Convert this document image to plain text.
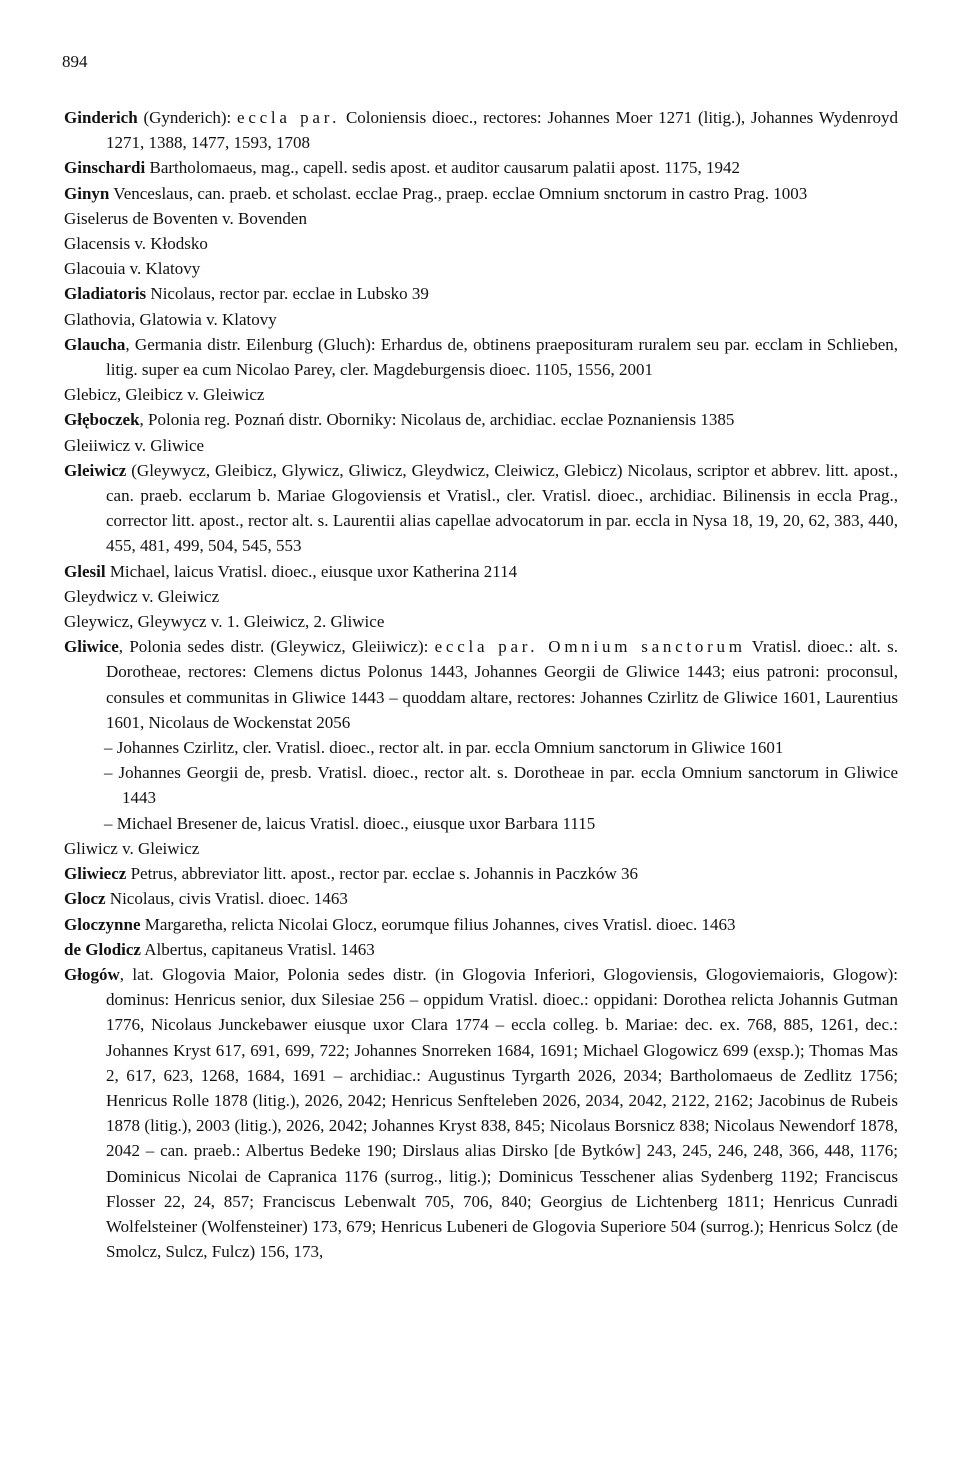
894

Ginderich (Gynderich): eccla par. Coloniensis dioec., rectores: Johannes Moer 1271 (litig.), Johannes Wydenroyd 1271, 1388, 1477, 1593, 1708

Ginschardi Bartholomaeus, mag., capell. sedis apost. et auditor causarum palatii apost. 1175, 1942

Ginyn Venceslaus, can. praeb. et scholast. ecclae Prag., praep. ecclae Omnium snctorum in castro Prag. 1003

Giselerus de Boventen v. Bovenden

Glacensis v. Kłodsko

Glacouia v. Klatovy

Gladiatoris Nicolaus, rector par. ecclae in Lubsko 39

Glathovia, Glatowia v. Klatovy

Glaucha, Germania distr. Eilenburg (Gluch): Erhardus de, obtinens praeposituram ruralem seu par. ecclam in Schlieben, litig. super ea cum Nicolao Parey, cler. Magdeburgensis dioec. 1105, 1556, 2001

Glebicz, Gleibicz v. Gleiwicz

Głęboczek, Polonia reg. Poznań distr. Oborniky: Nicolaus de, archidiac. ecclae Poznaniensis 1385

Gleiiwicz v. Gliwice

Gleiwicz (Gleywycz, Gleibicz, Glywicz, Gliwicz, Gleydwicz, Cleiwicz, Glebicz) Nicolaus, scriptor et abbrev. litt. apost., can. praeb. ecclarum b. Mariae Glogoviensis et Vratisl., cler. Vratisl. dioec., archidiac. Bilinensis in eccla Prag., corrector litt. apost., rector alt. s. Laurentii alias capellae advocatorum in par. eccla in Nysa 18, 19, 20, 62, 383, 440, 455, 481, 499, 504, 545, 553

Glesil Michael, laicus Vratisl. dioec., eiusque uxor Katherina 2114

Gleydwicz v. Gleiwicz

Gleywicz, Gleywycz v. 1. Gleiwicz, 2. Gliwice

Gliwice, Polonia sedes distr. (Gleywicz, Gleiiwicz): eccla par. Omnium sanctorum Vratisl. dioec.: alt. s. Dorotheae, rectores: Clemens dictus Polonus 1443, Johannes Georgii de Gliwice 1443; eius patroni: proconsul, consules et communitas in Gliwice 1443 – quoddam altare, rectores: Johannes Czirlitz de Gliwice 1601, Laurentius 1601, Nicolaus de Wockenstat 2056

– Johannes Czirlitz, cler. Vratisl. dioec., rector alt. in par. eccla Omnium sanctorum in Gliwice 1601

– Johannes Georgii de, presb. Vratisl. dioec., rector alt. s. Dorotheae in par. eccla Omnium sanctorum in Gliwice 1443

– Michael Bresener de, laicus Vratisl. dioec., eiusque uxor Barbara 1115

Gliwicz v. Gleiwicz

Gliwiecz Petrus, abbreviator litt. apost., rector par. ecclae s. Johannis in Paczków 36

Glocz Nicolaus, civis Vratisl. dioec. 1463

Gloczynne Margaretha, relicta Nicolai Glocz, eorumque filius Johannes, cives Vratisl. dioec. 1463

de Glodicz Albertus, capitaneus Vratisl. 1463

Głogów, lat. Glogovia Maior, Polonia sedes distr. (in Glogovia Inferiori, Glogoviensis, Glogoviemaioris, Glogow): dominus: Henricus senior, dux Silesiae 256 – oppidum Vratisl. dioec.: oppidani: Dorothea relicta Johannis Gutman 1776, Nicolaus Junckebawer eiusque uxor Clara 1774 – eccla colleg. b. Mariae: dec. ex. 768, 885, 1261, dec.: Johannes Kryst 617, 691, 699, 722; Johannes Snorreken 1684, 1691; Michael Glogowicz 699 (exsp.); Thomas Mas 2, 617, 623, 1268, 1684, 1691 – archidiac.: Augustinus Tyrgarth 2026, 2034; Bartholomaeus de Zedlitz 1756; Henricus Rolle 1878 (litig.), 2026, 2042; Henricus Senfteleben 2026, 2034, 2042, 2122, 2162; Jacobinus de Rubeis 1878 (litig.), 2003 (litig.), 2026, 2042; Johannes Kryst 838, 845; Nicolaus Borsnicz 838; Nicolaus Newendorf 1878, 2042 – can. praeb.: Albertus Bedeke 190; Dirslaus alias Dirsko [de Bytków] 243, 245, 246, 248, 366, 448, 1176; Dominicus Nicolai de Capranica 1176 (surrog., litig.); Dominicus Tesschener alias Sydenberg 1192; Franciscus Flosser 22, 24, 857; Franciscus Lebenwalt 705, 706, 840; Georgius de Lichtenberg 1811; Henricus Cunradi Wolfelsteiner (Wolfensteiner) 173, 679; Henricus Lubeneri de Glogovia Superiore 504 (surrog.); Henricus Solcz (de Smolcz, Sulcz, Fulcz) 156, 173,
